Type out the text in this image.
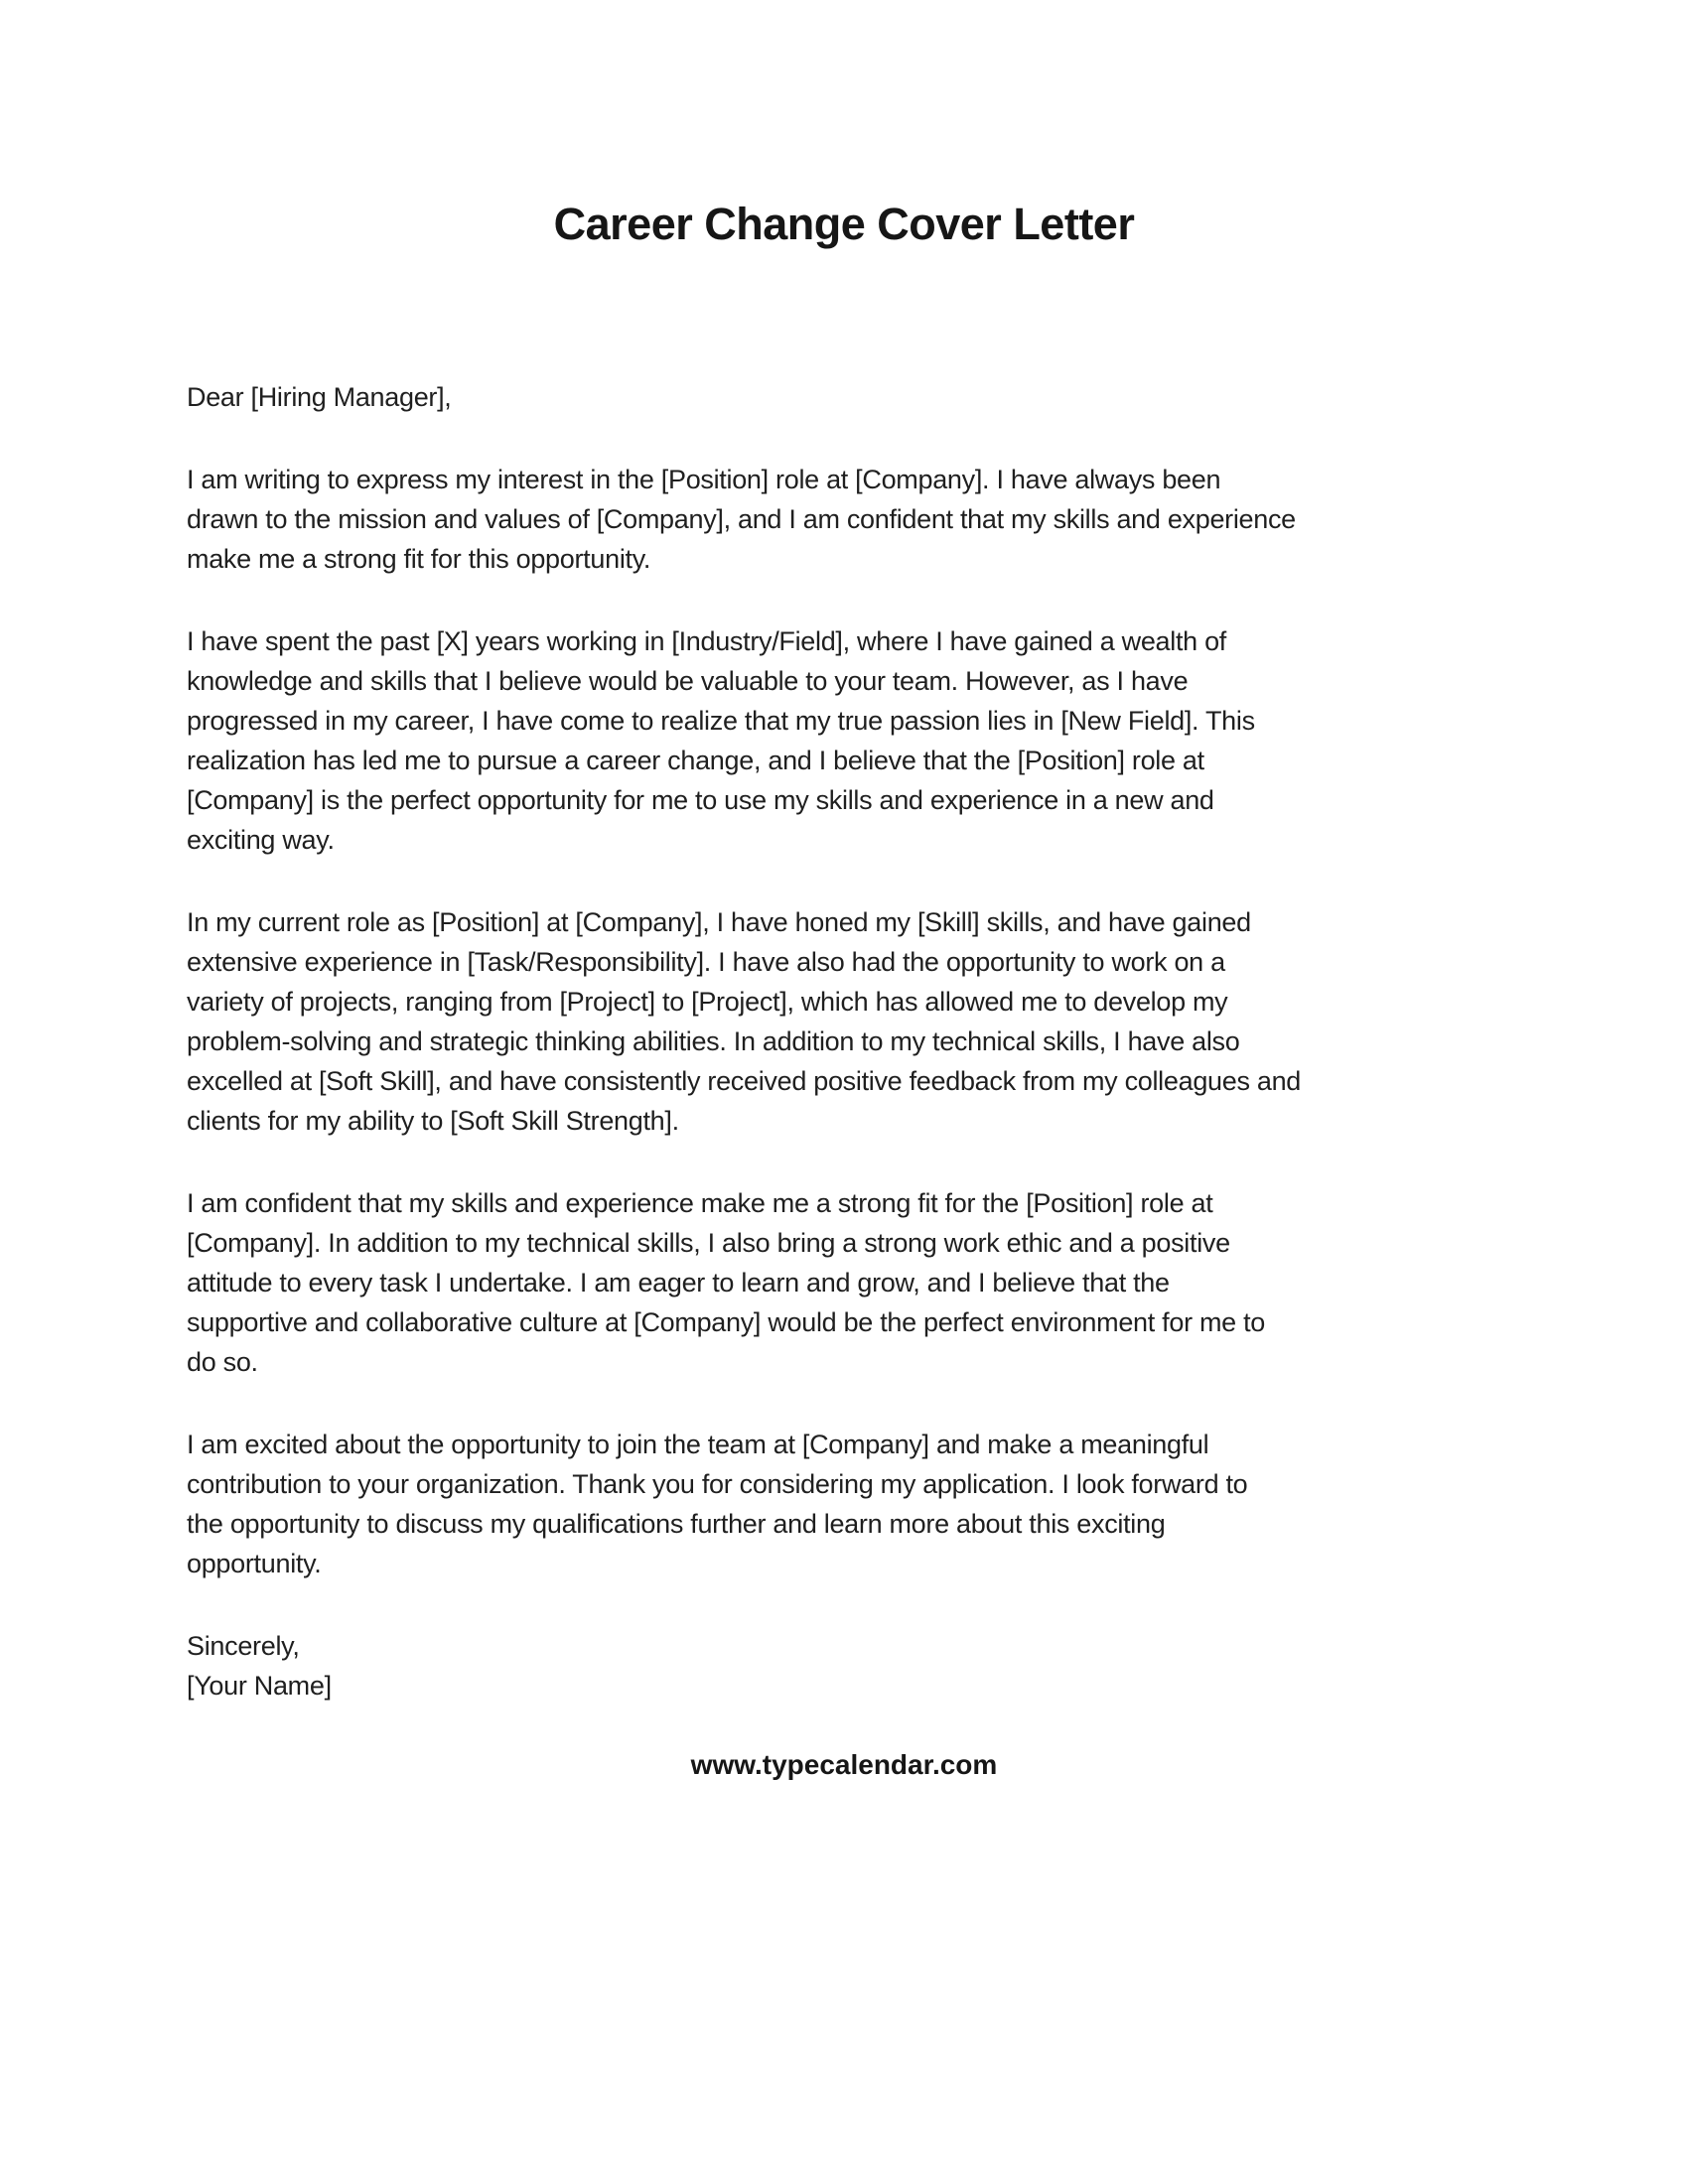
Career Change Cover Letter
Dear [Hiring Manager],
I am writing to express my interest in the [Position] role at [Company]. I have always been
drawn to the mission and values of [Company], and I am confident that my skills and experience
make me a strong fit for this opportunity.
I have spent the past [X] years working in [Industry/Field], where I have gained a wealth of
knowledge and skills that I believe would be valuable to your team. However, as I have
progressed in my career, I have come to realize that my true passion lies in [New Field]. This
realization has led me to pursue a career change, and I believe that the [Position] role at
[Company] is the perfect opportunity for me to use my skills and experience in a new and
exciting way.
In my current role as [Position] at [Company], I have honed my [Skill] skills, and have gained
extensive experience in [Task/Responsibility]. I have also had the opportunity to work on a
variety of projects, ranging from [Project] to [Project], which has allowed me to develop my
problem-solving and strategic thinking abilities. In addition to my technical skills, I have also
excelled at [Soft Skill], and have consistently received positive feedback from my colleagues and
clients for my ability to [Soft Skill Strength].
I am confident that my skills and experience make me a strong fit for the [Position] role at
[Company]. In addition to my technical skills, I also bring a strong work ethic and a positive
attitude to every task I undertake. I am eager to learn and grow, and I believe that the
supportive and collaborative culture at [Company] would be the perfect environment for me to
do so.
I am excited about the opportunity to join the team at [Company] and make a meaningful
contribution to your organization. Thank you for considering my application. I look forward to
the opportunity to discuss my qualifications further and learn more about this exciting
opportunity.
Sincerely,
[Your Name]
www.typecalendar.com
